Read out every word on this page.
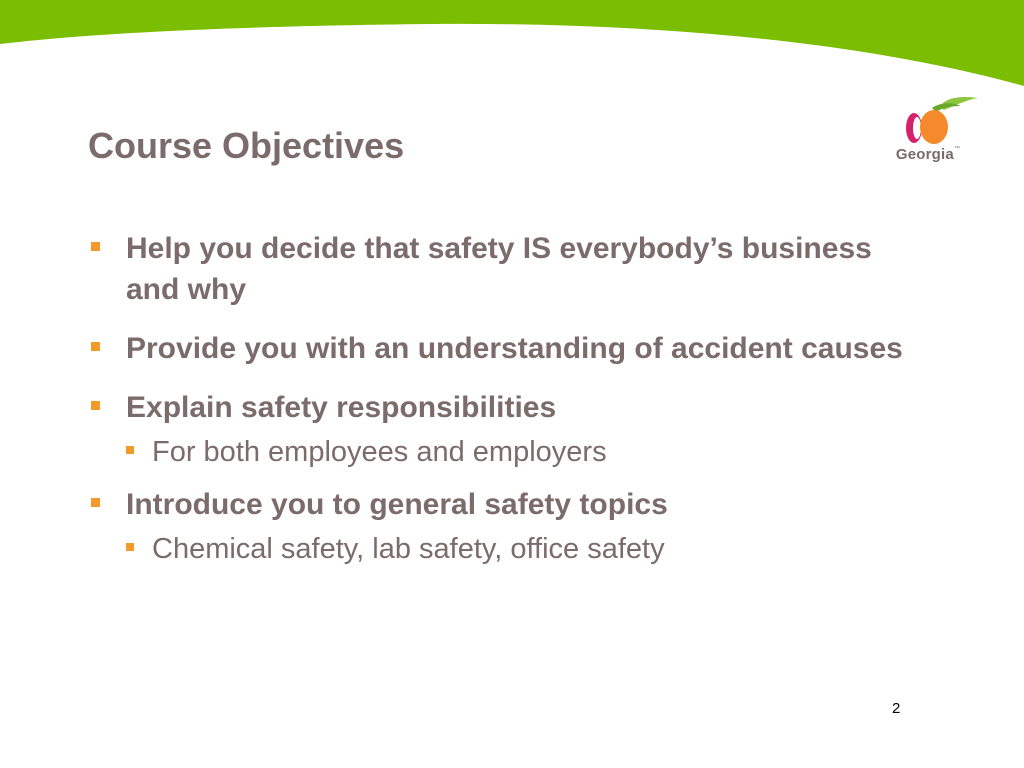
Georgia™
Course Objectives
Help you decide that safety IS everybody’s business and why
Provide you with an understanding of accident causes
Explain safety responsibilities
For both employees and employers
Introduce you to general safety topics
Chemical safety, lab safety, office safety
2
